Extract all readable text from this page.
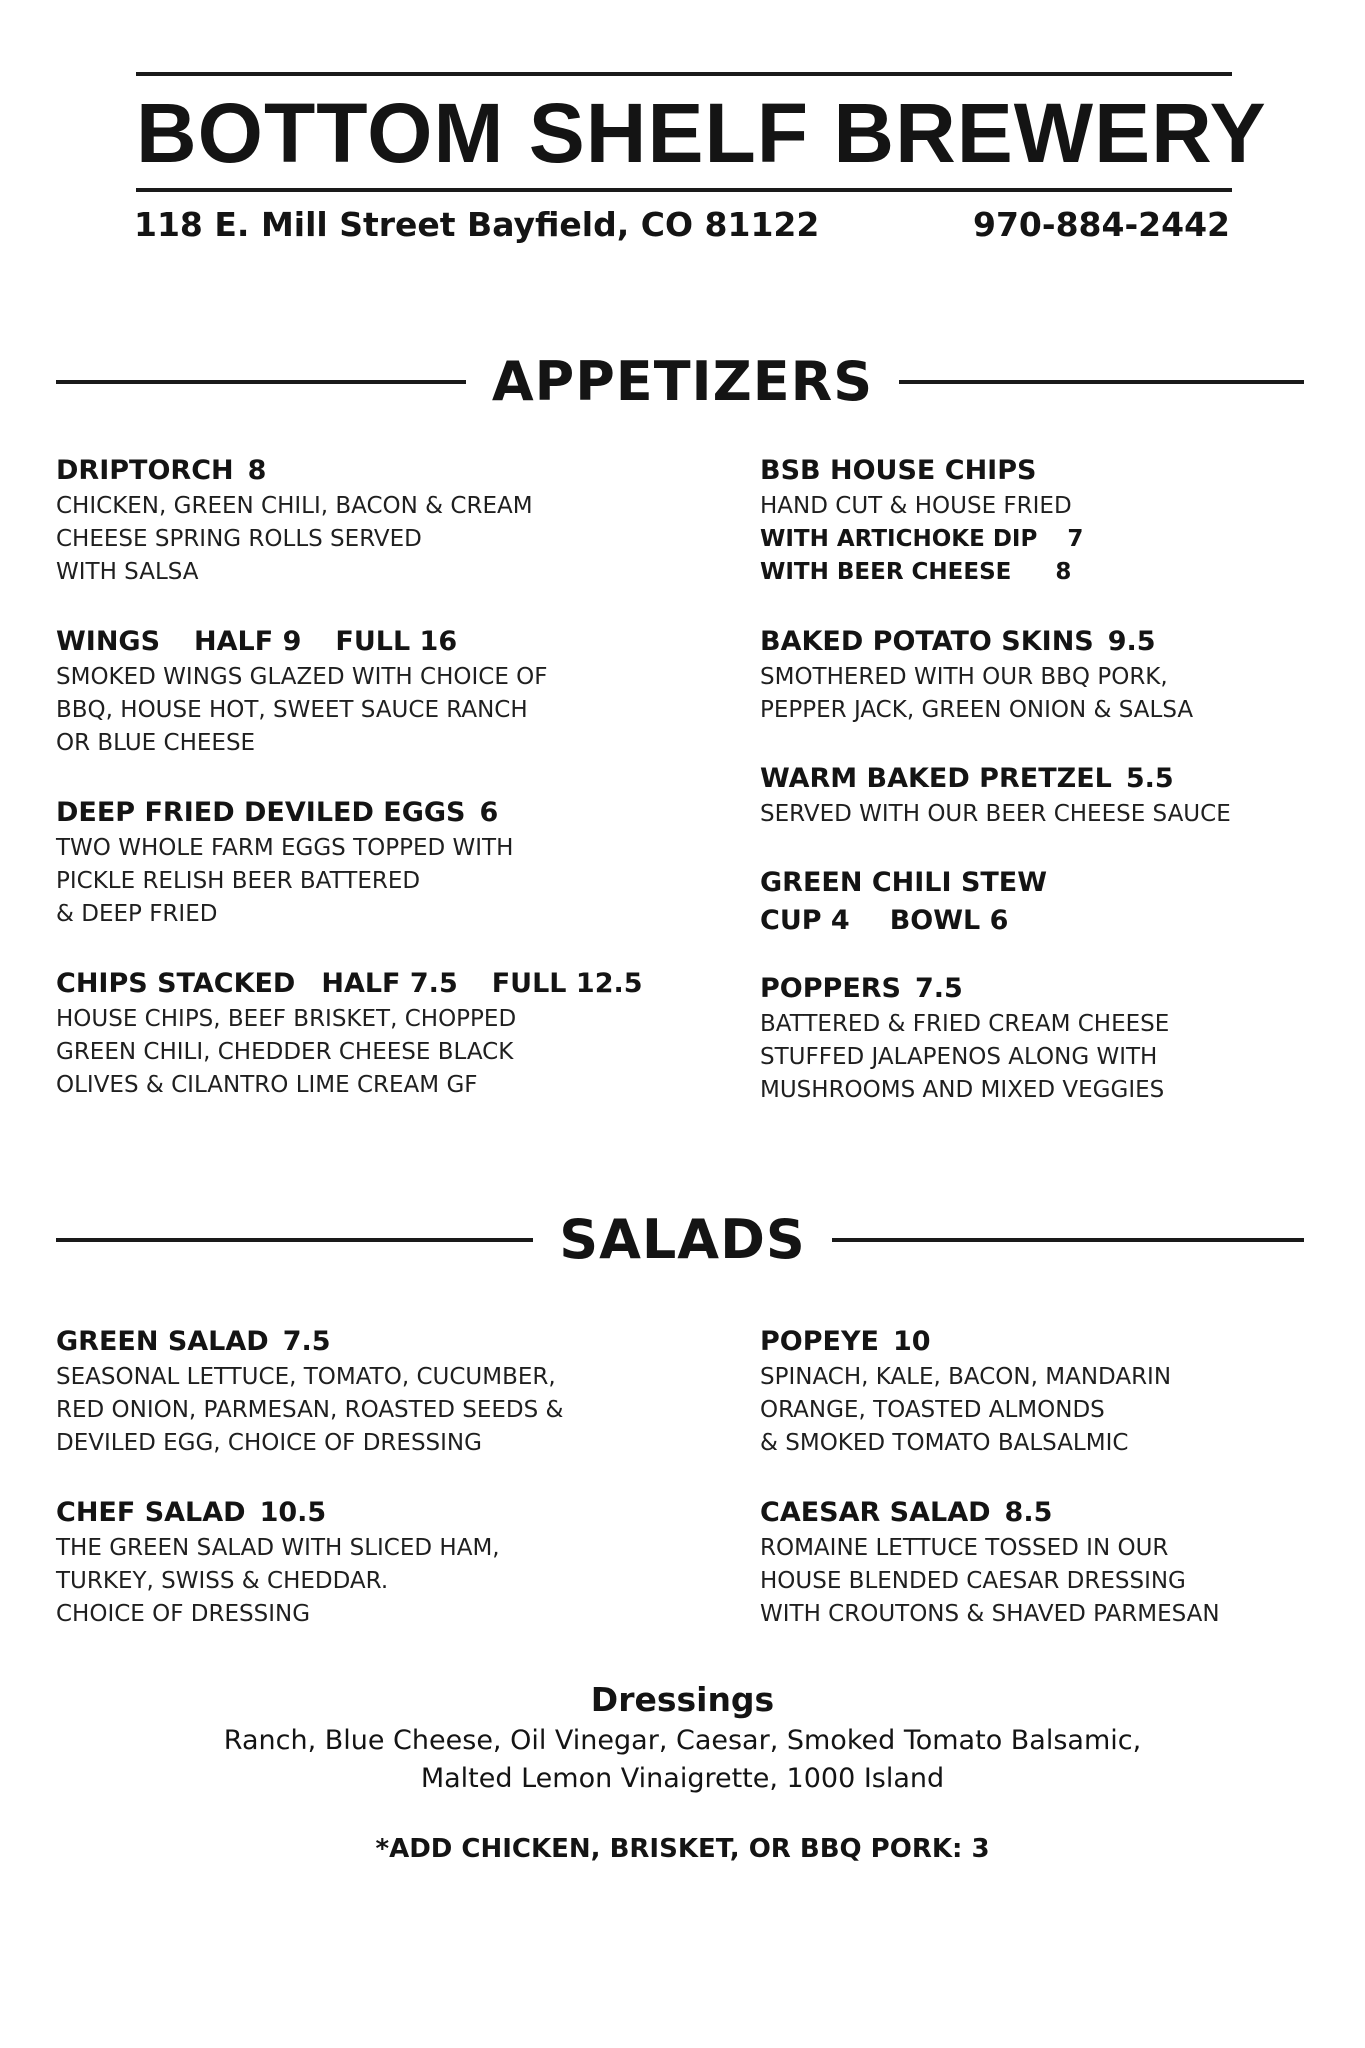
BOTTOM SHELF BREWERY
118 E. Mill Street Bayfield, CO 81122	970-884-2442
APPETIZERS
DRIPTORCH 8
CHICKEN, GREEN CHILI, BACON & CREAM
CHEESE SPRING ROLLS SERVED
WITH SALSA
WINGS HALF 9 FULL 16
SMOKED WINGS GLAZED WITH CHOICE OF
BBQ, HOUSE HOT, SWEET SAUCE RANCH
OR BLUE CHEESE
DEEP FRIED DEVILED EGGS 6
TWO WHOLE FARM EGGS TOPPED WITH
PICKLE RELISH BEER BATTERED
& DEEP FRIED
CHIPS STACKED HALF 7.5 FULL 12.5
HOUSE CHIPS, BEEF BRISKET, CHOPPED
GREEN CHILI, CHEDDER CHEESE BLACK
OLIVES & CILANTRO LIME CREAM GF
BSB HOUSE CHIPS
HAND CUT & HOUSE FRIED
WITH ARTICHOKE DIP 7
WITH BEER CHEESE 8
BAKED POTATO SKINS 9.5
SMOTHERED WITH OUR BBQ PORK,
PEPPER JACK, GREEN ONION & SALSA
WARM BAKED PRETZEL 5.5
SERVED WITH OUR BEER CHEESE SAUCE
GREEN CHILI STEW
CUP 4 BOWL 6
POPPERS 7.5
BATTERED & FRIED CREAM CHEESE
STUFFED JALAPENOS ALONG WITH
MUSHROOMS AND MIXED VEGGIES
SALADS
GREEN SALAD 7.5
SEASONAL LETTUCE, TOMATO, CUCUMBER,
RED ONION, PARMESAN, ROASTED SEEDS &
DEVILED EGG, CHOICE OF DRESSING
CHEF SALAD 10.5
THE GREEN SALAD WITH SLICED HAM,
TURKEY, SWISS & CHEDDAR.
CHOICE OF DRESSING
POPEYE 10
SPINACH, KALE, BACON, MANDARIN
ORANGE, TOASTED ALMONDS
& SMOKED TOMATO BALSALMIC
CAESAR SALAD 8.5
ROMAINE LETTUCE TOSSED IN OUR
HOUSE BLENDED CAESAR DRESSING
WITH CROUTONS & SHAVED PARMESAN
Dressings
Ranch, Blue Cheese, Oil Vinegar, Caesar, Smoked Tomato Balsamic,
Malted Lemon Vinaigrette, 1000 Island
*ADD CHICKEN, BRISKET, OR BBQ PORK: 3
